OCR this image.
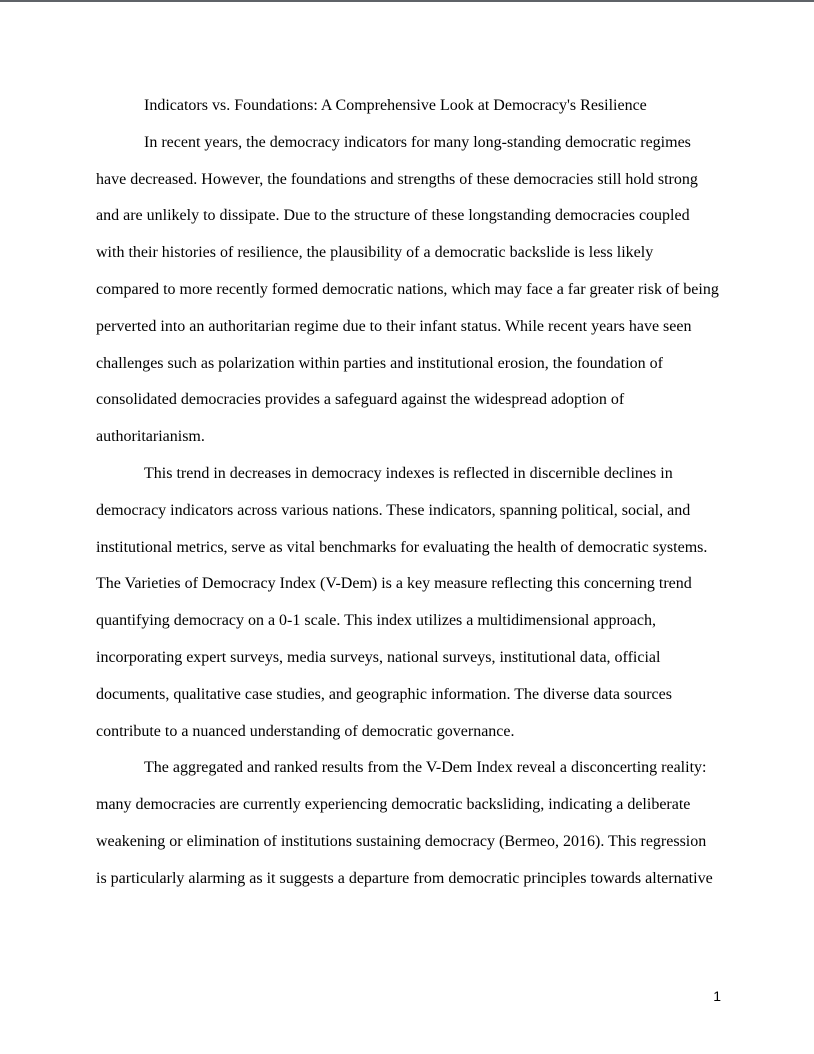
Indicators vs. Foundations: A Comprehensive Look at Democracy's Resilience
In recent years, the democracy indicators for many long-standing democratic regimes
have decreased. However, the foundations and strengths of these democracies still hold strong
and are unlikely to dissipate. Due to the structure of these longstanding democracies coupled
with their histories of resilience, the plausibility of a democratic backslide is less likely
compared to more recently formed democratic nations, which may face a far greater risk of being
perverted into an authoritarian regime due to their infant status. While recent years have seen
challenges such as polarization within parties and institutional erosion, the foundation of
consolidated democracies provides a safeguard against the widespread adoption of
authoritarianism.
This trend in decreases in democracy indexes is reflected in discernible declines in
democracy indicators across various nations. These indicators, spanning political, social, and
institutional metrics, serve as vital benchmarks for evaluating the health of democratic systems.
The Varieties of Democracy Index (V-Dem) is a key measure reflecting this concerning trend
quantifying democracy on a 0-1 scale. This index utilizes a multidimensional approach,
incorporating expert surveys, media surveys, national surveys, institutional data, official
documents, qualitative case studies, and geographic information. The diverse data sources
contribute to a nuanced understanding of democratic governance.
The aggregated and ranked results from the V-Dem Index reveal a disconcerting reality:
many democracies are currently experiencing democratic backsliding, indicating a deliberate
weakening or elimination of institutions sustaining democracy (Bermeo, 2016). This regression
is particularly alarming as it suggests a departure from democratic principles towards alternative
1
